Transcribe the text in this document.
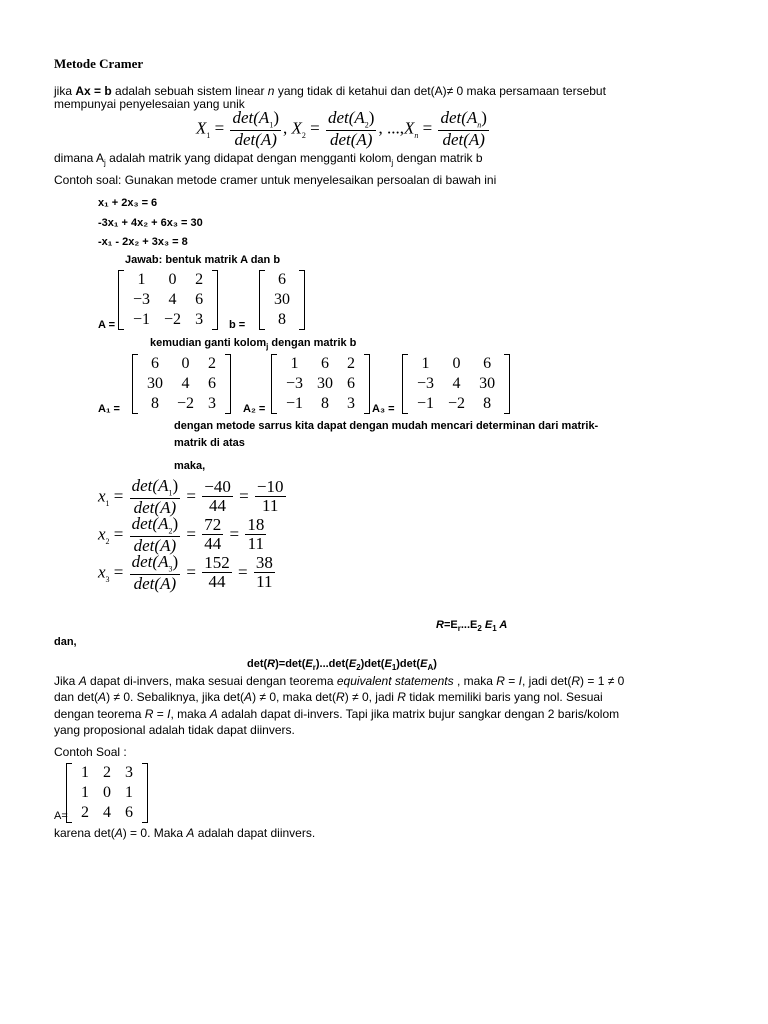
Metode Cramer
jika Ax = b adalah sebuah sistem linear n yang tidak di ketahui dan det(A)≠ 0 maka persamaan tersebut
mempunyai penyelesaian yang unik
$X_1 = \frac{\det(A_1)}{\det(A)}$ , $X_2 = \frac{\det(A_2)}{\det(A)}$ , $...,X_n = \frac{\det(A_n)}{\det(A)}$
dimana $A_j$ adalah matrik yang didapat dengan mengganti kolom$_j$ dengan matrik b
Contoh soal: Gunakan metode cramer untuk menyelesaikan persoalan di bawah ini
x₁ + 2x₃ = 6
-3x₁ + 4x₂ + 6x₃ = 30
-x₁ - 2x₂ + 3x₃ = 8
Jawab: bentuk matrik A dan b
A =
1	0	2
−3	4	6
−1	−2	3 b =
6
30
8
kemudian ganti kolom$_j$ dengan matrik b
A₁ =
6	0	2
30	4	6
8	−2	3 A₂ =
1	6	2
−3	30	6
−1	8	3 A₃ =
1	0	6
−3	4	30
−1	−2	8
dengan metode sarrus kita dapat dengan mudah mencari determinan dari matrik-
matrik di atas
maka,
$x_1 = \frac{\det(A_1)}{\det(A)} = \frac{-40}{44} = \frac{-10}{11}$
$x_2 = \frac{\det(A_2)}{\det(A)} = \frac{72}{44} = \frac{18}{11}$
$x_3 = \frac{\det(A_3)}{\det(A)} = \frac{152}{44} = \frac{38}{11}$
$R=E_r...E_2$ $E_1$ A
dan,
$\det(R)=\det(E_r)...\det(E_2)\det(E_1)\det(E_A)$
Jika A dapat di-invers, maka sesuai dengan teorema equivalent statements , maka R = I, jadi det(R) = 1 ≠ 0
dan det(A) ≠ 0. Sebaliknya, jika det(A) ≠ 0, maka det(R) ≠ 0, jadi R tidak memiliki baris yang nol. Sesuai
dengan teorema R = I, maka A adalah dapat di-invers. Tapi jika matrix bujur sangkar dengan 2 baris/kolom
yang proposional adalah tidak dapat diinvers.
Contoh Soal :
A=
1	2	3
1	0	1
2	4	6
karena det(A) = 0. Maka A adalah dapat diinvers.
